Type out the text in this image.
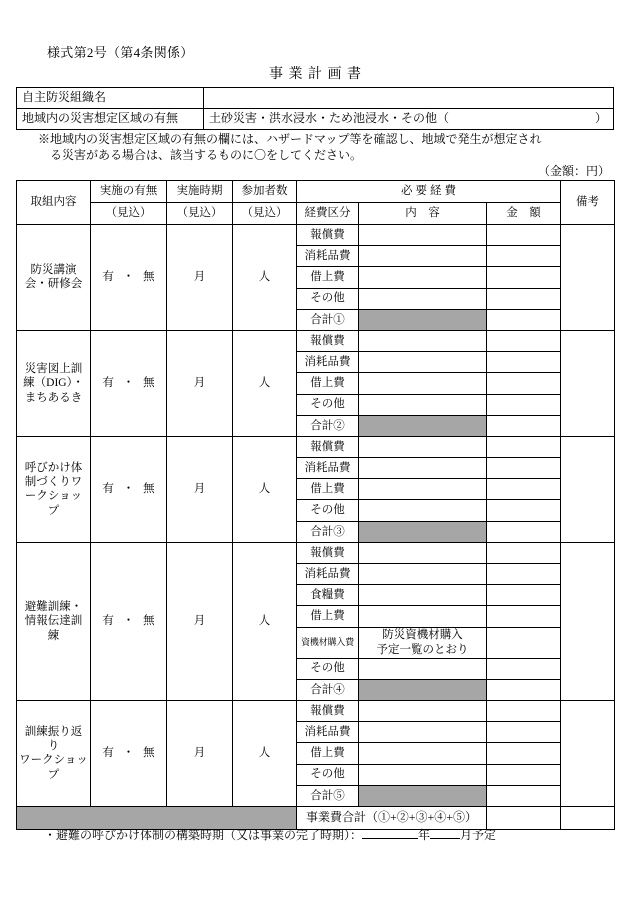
様式第2号（第4条関係）
事業計画書
自主防災組織名	
地域内の災害想定区域の有無	土砂災害・洪水浸水・ため池浸水・その他（ ）
※地域内の災害想定区域の有無の欄には、ハザードマップ等を確認し、地域で発生が想定され
る災害がある場合は、該当するものに〇をしてください。
（金額：円）
取組内容	実施の有無	実施時期	参加者数	必要経費			備考
	（見込）	（見込）	（見込）	経費区分	内　容	金　額	

防災講演
会・研修会	有 ・ 無	月	人	報償費			
				消耗品費			
				借上費			
				その他			
				合計①			

災害図上訓
練（DIG）・
まちあるき	有 ・ 無	月	人	報償費			
				消耗品費			
				借上費			
				その他			
				合計②			

呼びかけ体
制づくりワ
ークショッ
プ	有 ・ 無	月	人	報償費			
				消耗品費			
				借上費			
				その他			
				合計③			

避難訓練・
情報伝達訓
練	有 ・ 無	月	人	報償費			
				消耗品費			
				食糧費			
				借上費			
				資機材購入費	防災資機材購入
予定一覧のとおり		

				その他			
				合計④			

訓練振り返
り
ワークショップ	有 ・ 無	月	人	報償費			
				消耗品費			
				借上費			
				その他			
				合計⑤			
				事業費合計（①+②+③+④+⑤）			
・避難の呼びかけ体制の構築時期（又は事業の完了時期）：	年	月予定
